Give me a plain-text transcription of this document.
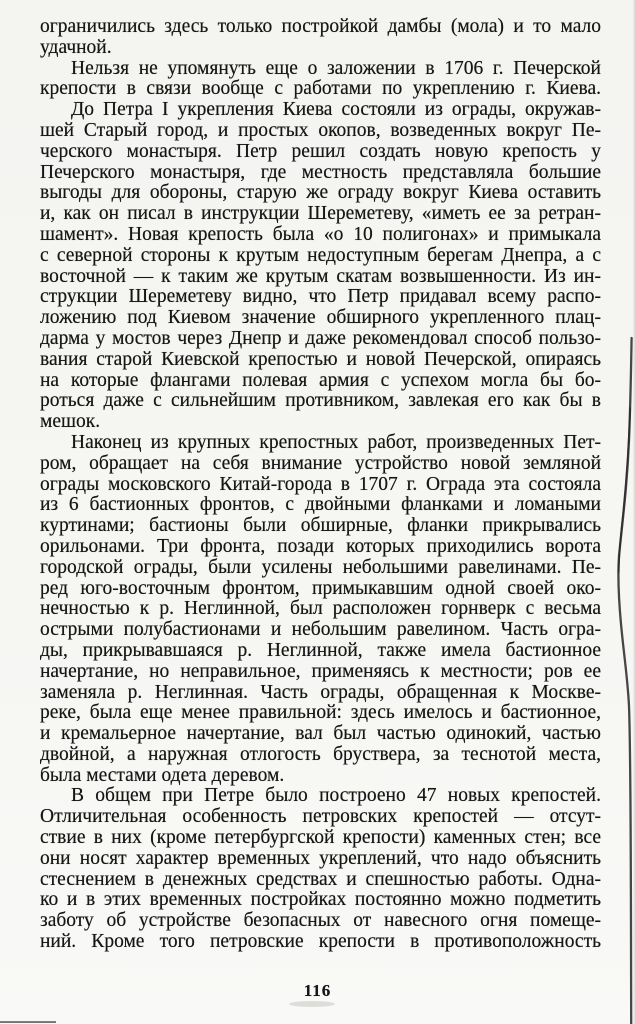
ограничились здесь только постройкой дамбы (мола) и то мало
удачной.
Нельзя не упомянуть еще о заложении в 1706 г. Печерской
крепости в связи вообще с работами по укреплению г. Киева.
До Петра I укрепления Киева состояли из ограды, окружав-
шей Старый город, и простых окопов, возведенных вокруг Пе-
черского монастыря. Петр решил создать новую крепость у
Печерского монастыря, где местность представляла большие
выгоды для обороны, старую же ограду вокруг Киева оставить
и, как он писал в инструкции Шереметеву, «иметь ее за ретран-
шамент». Новая крепость была «о 10 полигонах» и примыкала
с северной стороны к крутым недоступным берегам Днепра, а с
восточной — к таким же крутым скатам возвышенности. Из ин-
струкции Шереметеву видно, что Петр придавал всему распо-
ложению под Киевом значение обширного укрепленного плац-
дарма у мостов через Днепр и даже рекомендовал способ пользо-
вания старой Киевской крепостью и новой Печерской, опираясь
на которые флангами полевая армия с успехом могла бы бо-
роться даже с сильнейшим противником, завлекая его как бы в
мешок.
Наконец из крупных крепостных работ, произведенных Пет-
ром, обращает на себя внимание устройство новой земляной
ограды московского Китай-города в 1707 г. Ограда эта состояла
из 6 бастионных фронтов, с двойными фланками и ломаными
куртинами; бастионы были обширные, фланки прикрывались
орильонами. Три фронта, позади которых приходились ворота
городской ограды, были усилены небольшими равелинами. Пе-
ред юго-восточным фронтом, примыкавшим одной своей око-
нечностью к р. Неглинной, был расположен горнверк с весьма
острыми полубастионами и небольшим равелином. Часть огра-
ды, прикрывавшаяся р. Неглинной, также имела бастионное
начертание, но неправильное, применяясь к местности; ров ее
заменяла р. Неглинная. Часть ограды, обращенная к Москве-
реке, была еще менее правильной: здесь имелось и бастионное,
и кремальерное начертание, вал был частью одинокий, частью
двойной, а наружная отлогость бруствера, за теснотой места,
была местами одета деревом.
В общем при Петре было построено 47 новых крепостей.
Отличительная особенность петровских крепостей — отсут-
ствие в них (кроме петербургской крепости) каменных стен; все
они носят характер временных укреплений, что надо объяснить
стеснением в денежных средствах и спешностью работы. Одна-
ко и в этих временных постройках постоянно можно подметить
заботу об устройстве безопасных от навесного огня помеще-
ний. Кроме того петровские крепости в противоположность
116
